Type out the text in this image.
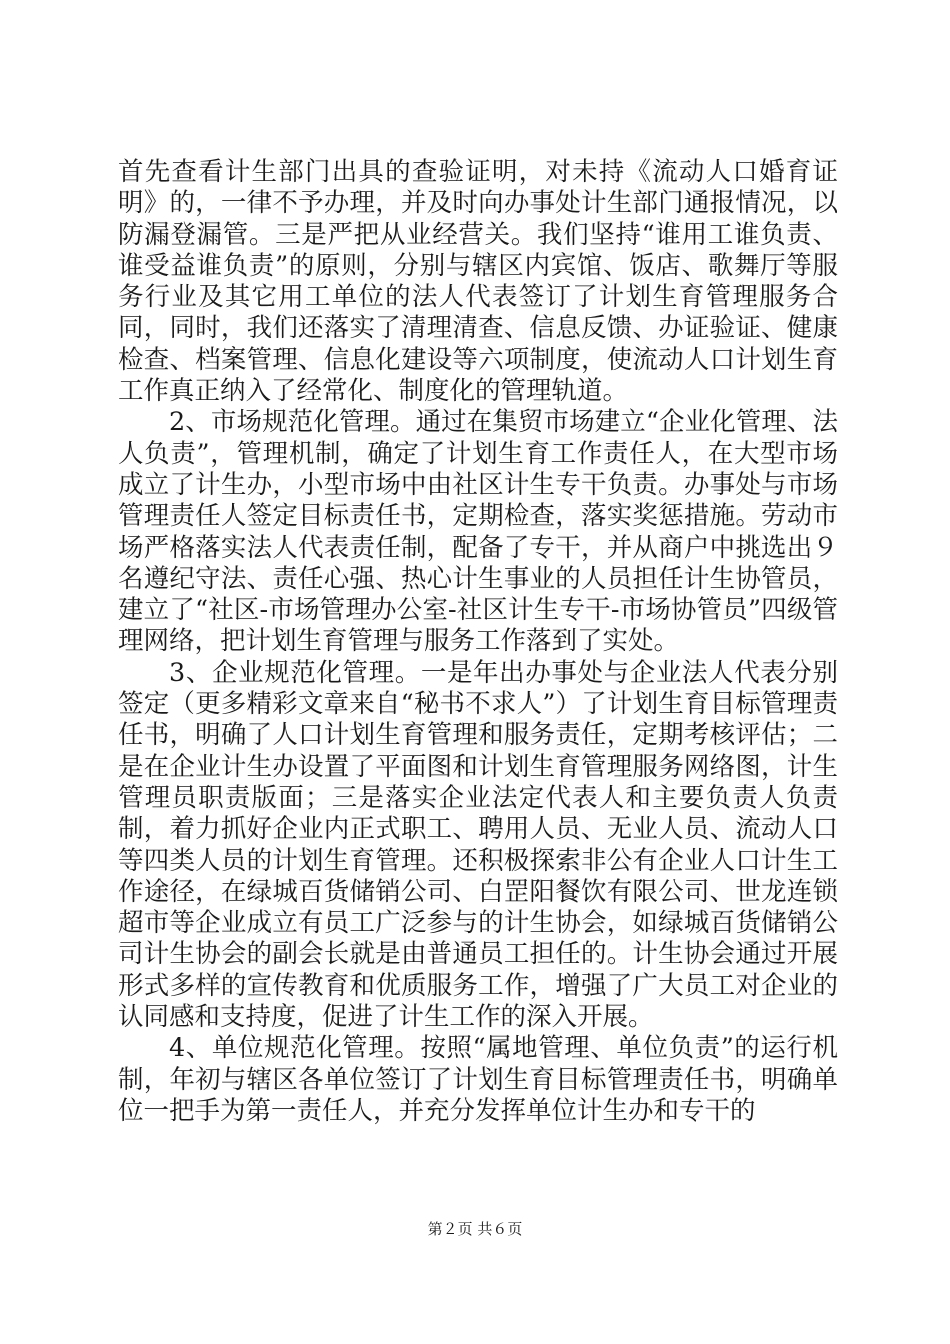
首先查看计生部门出具的查验证明，对未持《流动人口婚育证明》的，一律不予办理，并及时向办事处计生部门通报情况，以防漏登漏管。三是严把从业经营关。我们坚持“谁用工谁负责、谁受益谁负责”的原则，分别与辖区内宾馆、饭店、歌舞厅等服务行业及其它用工单位的法人代表签订了计划生育管理服务合同，同时，我们还落实了清理清查、信息反馈、办证验证、健康检查、档案管理、信息化建设等六项制度，使流动人口计划生育工作真正纳入了经常化、制度化的管理轨道。

2、市场规范化管理。通过在集贸市场建立“企业化管理、法人负责”，管理机制，确定了计划生育工作责任人，在大型市场成立了计生办，小型市场中由社区计生专干负责。办事处与市场管理责任人签定目标责任书，定期检查，落实奖惩措施。劳动市场严格落实法人代表责任制，配备了专干，并从商户中挑选出９名遵纪守法、责任心强、热心计生事业的人员担任计生协管员，建立了“社区-市场管理办公室-社区计生专干-市场协管员”四级管理网络，把计划生育管理与服务工作落到了实处。

3、企业规范化管理。一是年出办事处与企业法人代表分别签定（更多精彩文章来自“秘书不求人”）了计划生育目标管理责任书，明确了人口计划生育管理和服务责任，定期考核评估；二是在企业计生办设置了平面图和计划生育管理服务网络图，计生管理员职责版面；三是落实企业法定代表人和主要负责人负责制，着力抓好企业内正式职工、聘用人员、无业人员、流动人口等四类人员的计划生育管理。还积极探索非公有企业人口计生工作途径，在绿城百货储销公司、白罡阳餐饮有限公司、世龙连锁超市等企业成立有员工广泛参与的计生协会，如绿城百货储销公司计生协会的副会长就是由普通员工担任的。计生协会通过开展形式多样的宣传教育和优质服务工作，增强了广大员工对企业的认同感和支持度，促进了计生工作的深入开展。

4、单位规范化管理。按照“属地管理、单位负责”的运行机制，年初与辖区各单位签订了计划生育目标管理责任书，明确单位一把手为第一责任人，并充分发挥单位计生办和专干的

第２页 共６页
